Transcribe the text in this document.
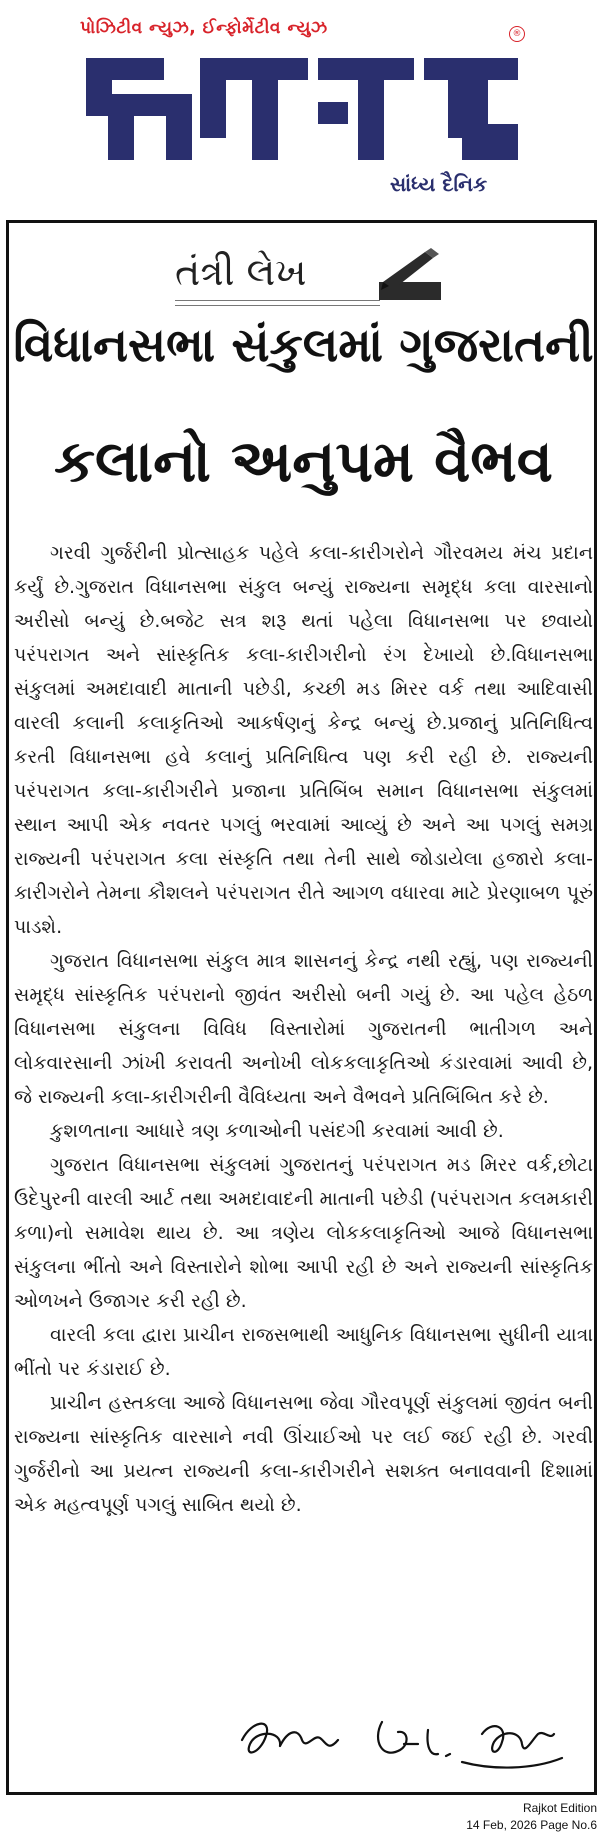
પોઝિટીવ ન્યુઝ, ઈન્ફોર્મેટીવ ન્યુઝ	®
અબતક
સાંધ્ય દૈનિક
તંત્રી લેખ
વિધાનસભા સંકુલમાં ગુજરાતની
કલાનો અનુપમ વૈભવ

ગરવી ગુર્જરીની પ્રોત્સાહક પહેલે કલા-કારીગરોને ગૌરવમય મંચ પ્રદાન કર્યું છે.ગુજરાત વિધાનસભા સંકુલ બન્યું રાજ્યના સમૃદ્ધ કલા વારસાનો અરીસો બન્યું છે.બજેટ સત્ર શરૂ થતાં પહેલા વિધાનસભા પર છવાયો પરંપરાગત અને સાંસ્કૃતિક કલા-કારીગરીનો રંગ દેખાયો છે.વિધાનસભા સંકુલમાં અમદાવાદી માતાની પછેડી, કચ્છી મડ મિરર વર્ક તથા આદિવાસી વારલી કલાની કલાકૃતિઓ આકર્ષણનું કેન્દ્ર બન્યું છે.પ્રજાનું પ્રતિનિધિત્વ કરતી વિધાનસભા હવે કલાનું પ્રતિનિધિત્વ પણ કરી રહી છે. રાજ્યની પરંપરાગત કલા-કારીગરીને પ્રજાના પ્રતિબિંબ સમાન વિધાનસભા સંકુલમાં સ્થાન આપી એક નવતર પગલું ભરવામાં આવ્યું છે અને આ પગલું સમગ્ર રાજ્યની પરંપરાગત કલા સંસ્કૃતિ તથા તેની સાથે જોડાયેલા હજારો કલા-કારીગરોને તેમના કૌશલને પરંપરાગત રીતે આગળ વધારવા માટે પ્રેરણાબળ પૂરું પાડશે.

ગુજરાત વિધાનસભા સંકુલ માત્ર શાસનનું કેન્દ્ર નથી રહ્યું, પણ રાજ્યની સમૃદ્ધ સાંસ્કૃતિક પરંપરાનો જીવંત અરીસો બની ગયું છે. આ પહેલ હેઠળ વિધાનસભા સંકુલના વિવિધ વિસ્તારોમાં ગુજરાતની ભાતીગળ અને લોકવારસાની ઝાંખી કરાવતી અનોખી લોકકલાકૃતિઓ કંડારવામાં આવી છે, જે રાજ્યની કલા-કારીગરીની વૈવિધ્યતા અને વૈભવને પ્રતિબિંબિત કરે છે.

કુશળતાના આધારે ત્રણ કળાઓની પસંદગી કરવામાં આવી છે.

ગુજરાત વિધાનસભા સંકુલમાં ગુજરાતનું પરંપરાગત મડ મિરર વર્ક,છોટા ઉદેપુરની વારલી આર્ટ તથા અમદાવાદની માતાની પછેડી (પરંપરાગત કલમકારી કળા)નો સમાવેશ થાય છે. આ ત્રણેય લોકકલાકૃતિઓ આજે વિધાનસભા સંકુલના ભીંતો અને વિસ્તારોને શોભા આપી રહી છે અને રાજ્યની સાંસ્કૃતિક ઓળખને ઉજાગર કરી રહી છે.

વારલી કલા દ્વારા પ્રાચીન રાજસભાથી આધુનિક વિધાનસભા સુધીની યાત્રા ભીંતો પર કંડારાઈ છે.

પ્રાચીન હસ્તકલા આજે વિધાનસભા જેવા ગૌરવપૂર્ણ સંકુલમાં જીવંત બની રાજ્યના સાંસ્કૃતિક વારસાને નવી ઊંચાઈઓ પર લઈ જઈ રહી છે. ગરવી ગુર્જરીનો આ પ્રયત્ન રાજ્યની કલા-કારીગરીને સશક્ત બનાવવાની દિશામાં એક મહત્વપૂર્ણ પગલું સાબિત થયો છે.

સતીશ કુમાર મહેતા
Rajkot Edition
14 Feb, 2026 Page No.6
